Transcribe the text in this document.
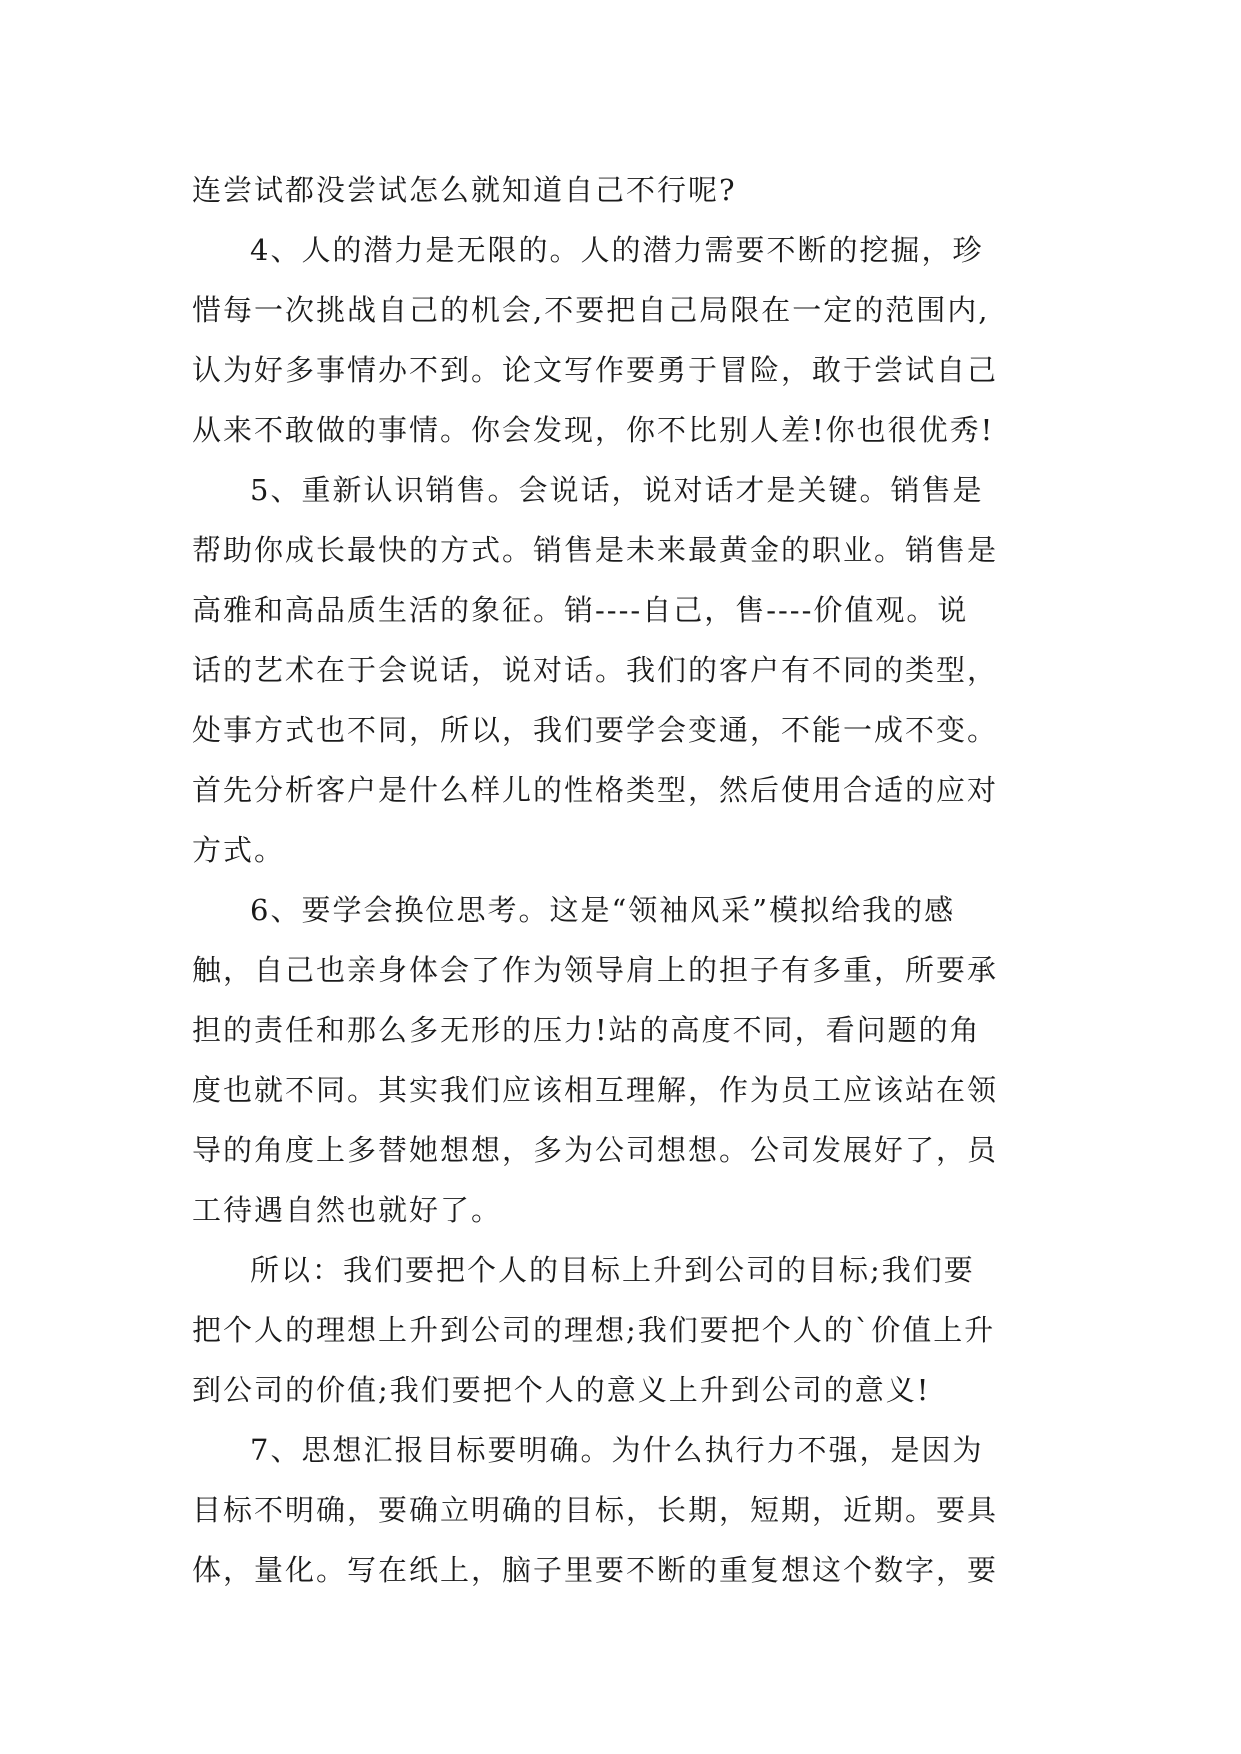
连尝试都没尝试怎么就知道自己不行呢?
4、人的潜力是无限的。人的潜力需要不断的挖掘，珍
惜每一次挑战自己的机会,不要把自己局限在一定的范围内,
认为好多事情办不到。论文写作要勇于冒险，敢于尝试自己
从来不敢做的事情。你会发现，你不比别人差!你也很优秀!
5、重新认识销售。会说话，说对话才是关键。销售是
帮助你成长最快的方式。销售是未来最黄金的职业。销售是
高雅和高品质生活的象征。销----自己，售----价值观。说
话的艺术在于会说话，说对话。我们的客户有不同的类型，
处事方式也不同，所以，我们要学会变通，不能一成不变。
首先分析客户是什么样儿的性格类型，然后使用合适的应对
方式。
6、要学会换位思考。这是“领袖风采”模拟给我的感
触，自己也亲身体会了作为领导肩上的担子有多重，所要承
担的责任和那么多无形的压力!站的高度不同，看问题的角
度也就不同。其实我们应该相互理解，作为员工应该站在领
导的角度上多替她想想，多为公司想想。公司发展好了，员
工待遇自然也就好了。
所以：我们要把个人的目标上升到公司的目标;我们要
把个人的理想上升到公司的理想;我们要把个人的`价值上升
到公司的价值;我们要把个人的意义上升到公司的意义!
7、思想汇报目标要明确。为什么执行力不强，是因为
目标不明确，要确立明确的目标，长期，短期，近期。要具
体，量化。写在纸上，脑子里要不断的重复想这个数字，要
